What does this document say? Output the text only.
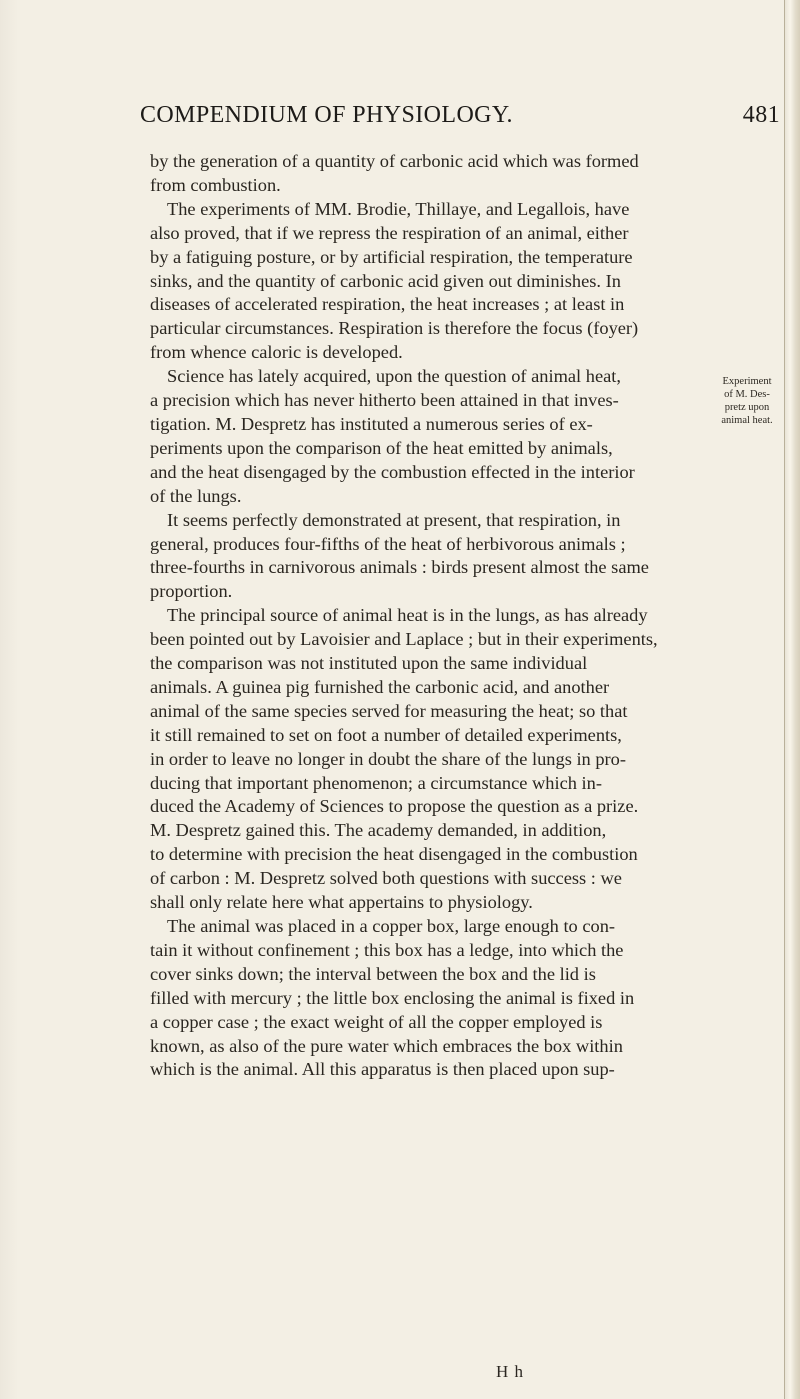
COMPENDIUM OF PHYSIOLOGY.	481

by the generation of a quantity of carbonic acid which was formed
from combustion.

The experiments of MM. Brodie, Thillaye, and Legallois, have
also proved, that if we repress the respiration of an animal, either
by a fatiguing posture, or by artificial respiration, the temperature
sinks, and the quantity of carbonic acid given out diminishes. In
diseases of accelerated respiration, the heat increases ; at least in
particular circumstances. Respiration is therefore the focus (foyer)
from whence caloric is developed.

Science has lately acquired, upon the question of animal heat,
a precision which has never hitherto been attained in that inves-
tigation. M. Despretz has instituted a numerous series of ex-
periments upon the comparison of the heat emitted by animals,
and the heat disengaged by the combustion effected in the interior
of the lungs.

It seems perfectly demonstrated at present, that respiration, in
general, produces four-fifths of the heat of herbivorous animals ;
three-fourths in carnivorous animals : birds present almost the same
proportion.

The principal source of animal heat is in the lungs, as has already
been pointed out by Lavoisier and Laplace ; but in their experiments,
the comparison was not instituted upon the same individual
animals. A guinea pig furnished the carbonic acid, and another
animal of the same species served for measuring the heat; so that
it still remained to set on foot a number of detailed experiments,
in order to leave no longer in doubt the share of the lungs in pro-
ducing that important phenomenon; a circumstance which in-
duced the Academy of Sciences to propose the question as a prize.
M. Despretz gained this. The academy demanded, in addition,
to determine with precision the heat disengaged in the combustion
of carbon : M. Despretz solved both questions with success : we
shall only relate here what appertains to physiology.

The animal was placed in a copper box, large enough to con-
tain it without confinement ; this box has a ledge, into which the
cover sinks down; the interval between the box and the lid is
filled with mercury ; the little box enclosing the animal is fixed in
a copper case ; the exact weight of all the copper employed is
known, as also of the pure water which embraces the box within
which is the animal. All this apparatus is then placed upon sup-

Experiment
of M. Des-
pretz upon
animal heat.
H h
